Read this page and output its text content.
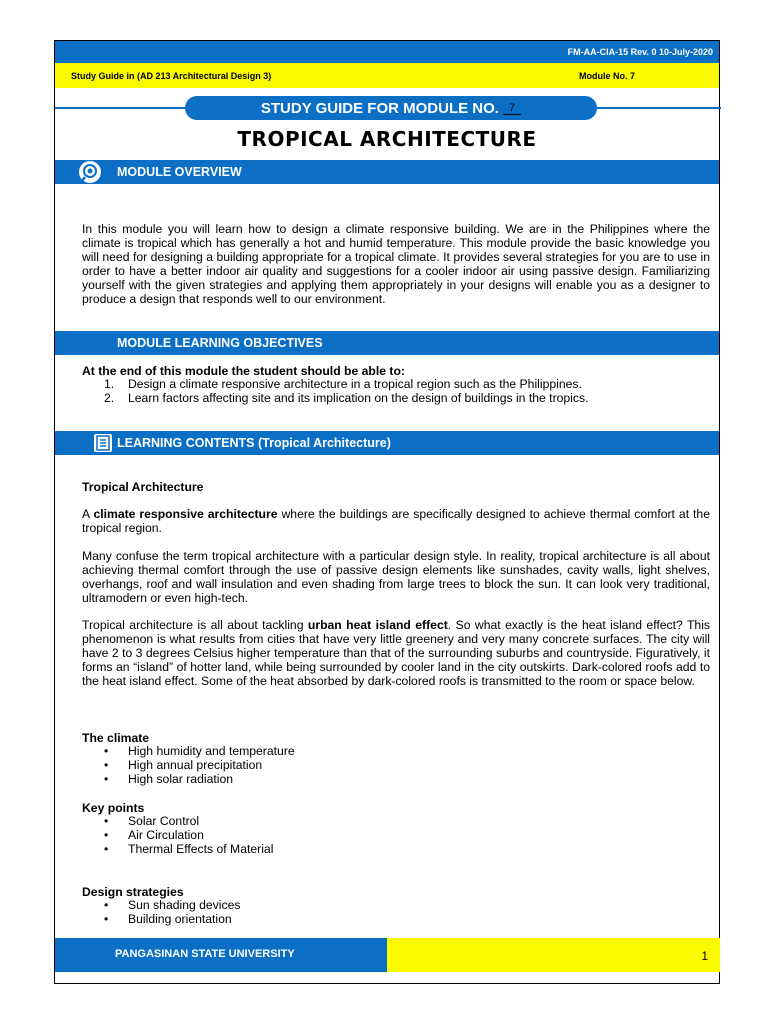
FM-AA-CIA-15 Rev. 0 10-July-2020
Study Guide in (AD 213 Architectural Design 3)	Module No. 7
STUDY GUIDE FOR MODULE NO. 7
TROPICAL ARCHITECTURE
MODULE OVERVIEW
In this module you will learn how to design a climate responsive building. We are in the Philippines where the climate is tropical which has generally a hot and humid temperature. This module provide the basic knowledge you will need for designing a building appropriate for a tropical climate. It provides several strategies for you are to use in order to have a better indoor air quality and suggestions for a cooler indoor air using passive design. Familiarizing yourself with the given strategies and applying them appropriately in your designs will enable you as a designer to produce a design that responds well to our environment.
MODULE LEARNING OBJECTIVES
At the end of this module the student should be able to:
1. Design a climate responsive architecture in a tropical region such as the Philippines.
2. Learn factors affecting site and its implication on the design of buildings in the tropics.
LEARNING CONTENTS (Tropical Architecture)
Tropical Architecture
A climate responsive architecture where the buildings are specifically designed to achieve thermal comfort at the tropical region.
Many confuse the term tropical architecture with a particular design style. In reality, tropical architecture is all about achieving thermal comfort through the use of passive design elements like sunshades, cavity walls, light shelves, overhangs, roof and wall insulation and even shading from large trees to block the sun. It can look very traditional, ultramodern or even high-tech.
Tropical architecture is all about tackling urban heat island effect. So what exactly is the heat island effect? This phenomenon is what results from cities that have very little greenery and very many concrete surfaces. The city will have 2 to 3 degrees Celsius higher temperature than that of the surrounding suburbs and countryside. Figuratively, it forms an “island” of hotter land, while being surrounded by cooler land in the city outskirts. Dark-colored roofs add to the heat island effect. Some of the heat absorbed by dark-colored roofs is transmitted to the room or space below.
The climate
• High humidity and temperature
• High annual precipitation
• High solar radiation
Key points
• Solar Control
• Air Circulation
• Thermal Effects of Material
Design strategies
• Sun shading devices
• Building orientation
PANGASINAN STATE UNIVERSITY	1
